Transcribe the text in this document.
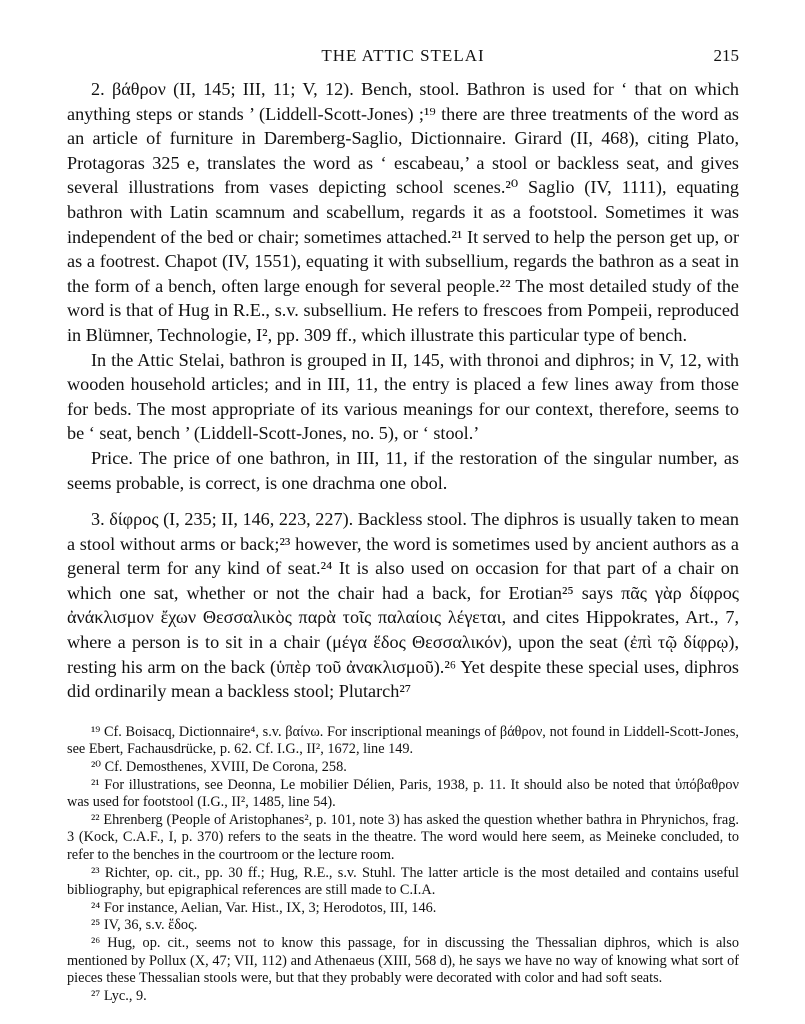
THE ATTIC STELAI	215

2. βάθρον (II, 145; III, 11; V, 12). Bench, stool. Bathron is used for ‘ that on which anything steps or stands ’ (Liddell-Scott-Jones) ;¹⁹ there are three treatments of the word as an article of furniture in Daremberg-Saglio, Dictionnaire. Girard (II, 468), citing Plato, Protagoras 325 e, translates the word as ‘ escabeau,’ a stool or backless seat, and gives several illustrations from vases depicting school scenes.²⁰ Saglio (IV, 1111), equating bathron with Latin scamnum and scabellum, regards it as a footstool. Sometimes it was independent of the bed or chair; sometimes attached.²¹ It served to help the person get up, or as a footrest. Chapot (IV, 1551), equating it with subsellium, regards the bathron as a seat in the form of a bench, often large enough for several people.²² The most detailed study of the word is that of Hug in R.E., s.v. subsellium. He refers to frescoes from Pompeii, reproduced in Blümner, Technologie, I², pp. 309 ff., which illustrate this particular type of bench.

In the Attic Stelai, bathron is grouped in II, 145, with thronoi and diphros; in V, 12, with wooden household articles; and in III, 11, the entry is placed a few lines away from those for beds. The most appropriate of its various meanings for our context, therefore, seems to be ‘ seat, bench ’ (Liddell-Scott-Jones, no. 5), or ‘ stool.’

Price. The price of one bathron, in III, 11, if the restoration of the singular number, as seems probable, is correct, is one drachma one obol.

3. δίφρος (I, 235; II, 146, 223, 227). Backless stool. The diphros is usually taken to mean a stool without arms or back;²³ however, the word is sometimes used by ancient authors as a general term for any kind of seat.²⁴ It is also used on occasion for that part of a chair on which one sat, whether or not the chair had a back, for Erotian²⁵ says πᾶς γὰρ δίφρος ἀνάκλισμον ἔχων Θεσσαλικὸς παρὰ τοῖς παλαίοις λέγεται, and cites Hippokrates, Art., 7, where a person is to sit in a chair (μέγα ἕδος Θεσσαλικόν), upon the seat (ἐπὶ τῷ δίφρῳ), resting his arm on the back (ὑπὲρ τοῦ ἀνακλισμοῦ).²⁶ Yet despite these special uses, diphros did ordinarily mean a backless stool; Plutarch²⁷

¹⁹ Cf. Boisacq, Dictionnaire⁴, s.v. βαίνω. For inscriptional meanings of βάθρον, not found in Liddell-Scott-Jones, see Ebert, Fachausdrücke, p. 62. Cf. I.G., II², 1672, line 149.

²⁰ Cf. Demosthenes, XVIII, De Corona, 258.

²¹ For illustrations, see Deonna, Le mobilier Délien, Paris, 1938, p. 11. It should also be noted that ὑπόβαθρον was used for footstool (I.G., II², 1485, line 54).

²² Ehrenberg (People of Aristophanes², p. 101, note 3) has asked the question whether bathra in Phrynichos, frag. 3 (Kock, C.A.F., I, p. 370) refers to the seats in the theatre. The word would here seem, as Meineke concluded, to refer to the benches in the courtroom or the lecture room.

²³ Richter, op. cit., pp. 30 ff.; Hug, R.E., s.v. Stuhl. The latter article is the most detailed and contains useful bibliography, but epigraphical references are still made to C.I.A.

²⁴ For instance, Aelian, Var. Hist., IX, 3; Herodotos, III, 146.

²⁵ IV, 36, s.v. ἕδος.

²⁶ Hug, op. cit., seems not to know this passage, for in discussing the Thessalian diphros, which is also mentioned by Pollux (X, 47; VII, 112) and Athenaeus (XIII, 568 d), he says we have no way of knowing what sort of pieces these Thessalian stools were, but that they probably were decorated with color and had soft seats.

²⁷ Lyc., 9.
